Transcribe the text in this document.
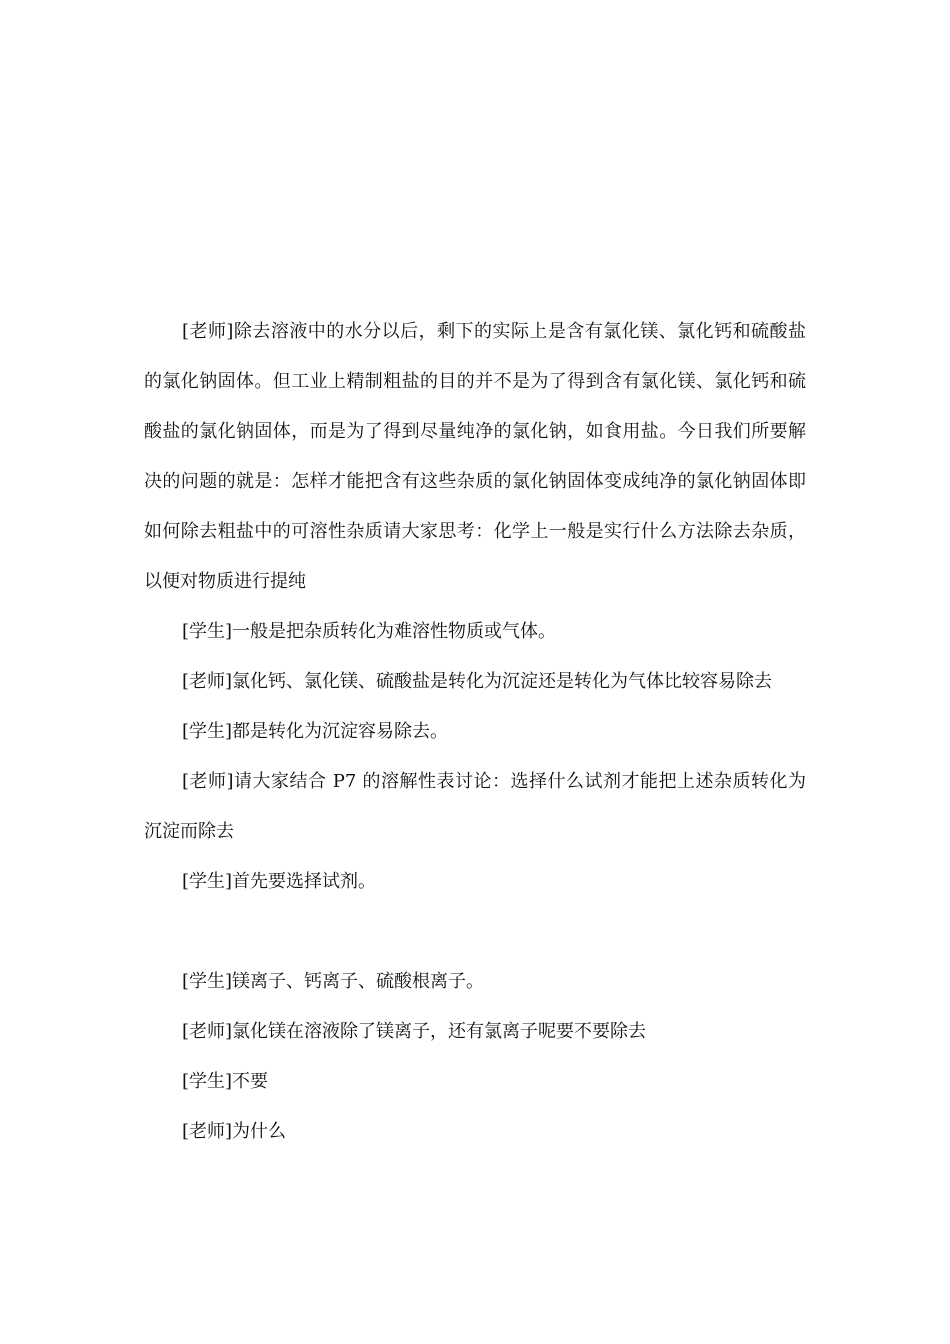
[老师]除去溶液中的水分以后，剩下的实际上是含有氯化镁、氯化钙和硫酸盐的氯化钠固体。但工业上精制粗盐的目的并不是为了得到含有氯化镁、氯化钙和硫酸盐的氯化钠固体，而是为了得到尽量纯净的氯化钠，如食用盐。今日我们所要解决的问题的就是：怎样才能把含有这些杂质的氯化钠固体变成纯净的氯化钠固体即如何除去粗盐中的可溶性杂质请大家思考：化学上一般是实行什么方法除去杂质，以便对物质进行提纯

[学生]一般是把杂质转化为难溶性物质或气体。

[老师]氯化钙、氯化镁、硫酸盐是转化为沉淀还是转化为气体比较容易除去

[学生]都是转化为沉淀容易除去。

[老师]请大家结合 P7 的溶解性表讨论：选择什么试剂才能把上述杂质转化为沉淀而除去

[学生]首先要选择试剂。

[学生]镁离子、钙离子、硫酸根离子。

[老师]氯化镁在溶液除了镁离子，还有氯离子呢要不要除去

[学生]不要

[老师]为什么
